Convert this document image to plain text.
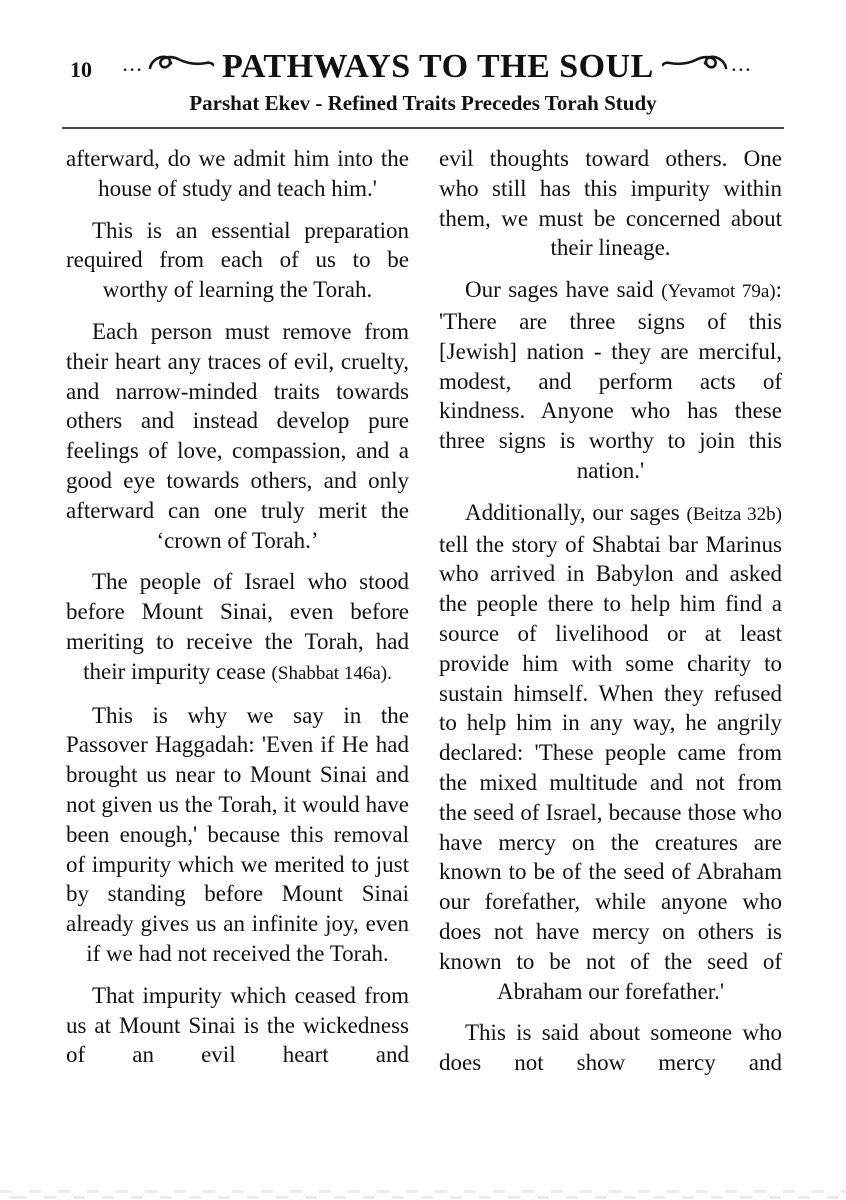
10 ... PATHWAYS TO THE SOUL	...
Parshat Ekev - Refined Traits Precedes Torah Study

afterward, do we admit him into the house of study and teach him.'

This is an essential preparation required from each of us to be worthy of learning the Torah.

Each person must remove from their heart any traces of evil, cruelty, and narrow-minded traits towards others and instead develop pure feelings of love, compassion, and a good eye towards others, and only afterward can one truly merit the ‘crown of Torah.’

The people of Israel who stood before Mount Sinai, even before meriting to receive the Torah, had their impurity cease (Shabbat 146a).

This is why we say in the Passover Haggadah: 'Even if He had brought us near to Mount Sinai and not given us the Torah, it would have been enough,' because this removal of impurity which we merited to just by standing before Mount Sinai already gives us an infinite joy, even if we had not received the Torah.

That impurity which ceased from us at Mount Sinai is the wickedness of an evil heart and

evil thoughts toward others. One who still has this impurity within them, we must be concerned about their lineage.

Our sages have said (Yevamot 79a): 'There are three signs of this [Jewish] nation - they are merciful, modest, and perform acts of kindness. Anyone who has these three signs is worthy to join this nation.'

Additionally, our sages (Beitza 32b) tell the story of Shabtai bar Marinus who arrived in Babylon and asked the people there to help him find a source of livelihood or at least provide him with some charity to sustain himself. When they refused to help him in any way, he angrily declared: 'These people came from the mixed multitude and not from the seed of Israel, because those who have mercy on the creatures are known to be of the seed of Abraham our forefather, while anyone who does not have mercy on others is known to be not of the seed of Abraham our forefather.'

This is said about someone who does not show mercy and
